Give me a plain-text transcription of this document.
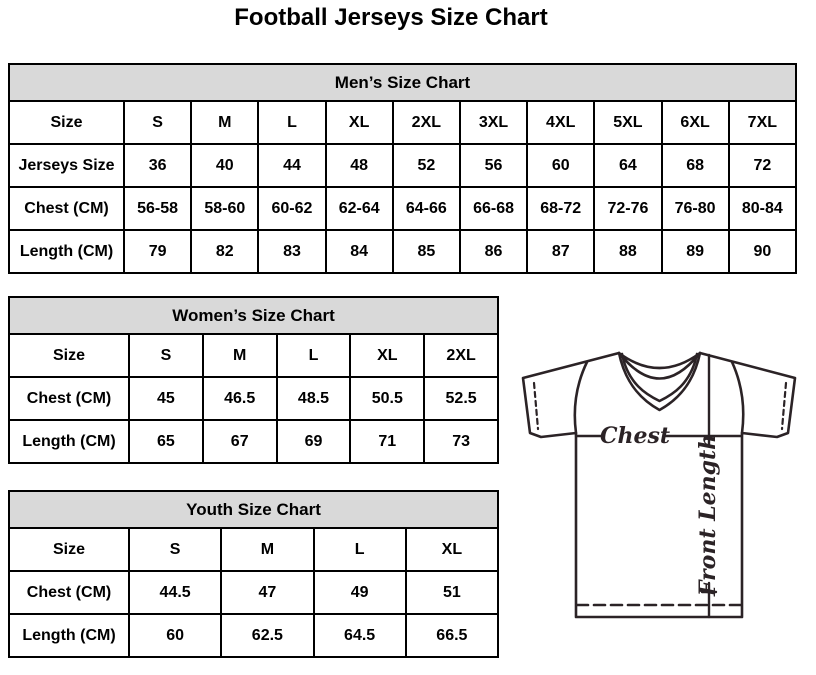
Football Jerseys Size Chart
Men’s Size Chart										
Size	S	M	L	XL	2XL	3XL	4XL	5XL	6XL	7XL
Jerseys Size	36	40	44	48	52	56	60	64	68	72
Chest (CM)	56-58	58-60	60-62	62-64	64-66	66-68	68-72	72-76	76-80	80-84
Length (CM)	79	82	83	84	85	86	87	88	89	90
Women’s Size Chart					
Size	S	M	L	XL	2XL
Chest (CM)	45	46.5	48.5	50.5	52.5
Length (CM)	65	67	69	71	73
Youth Size Chart				
Size	S	M	L	XL
Chest (CM)	44.5	47	49	51
Length (CM)	60	62.5	64.5	66.5
Chest Front Length
